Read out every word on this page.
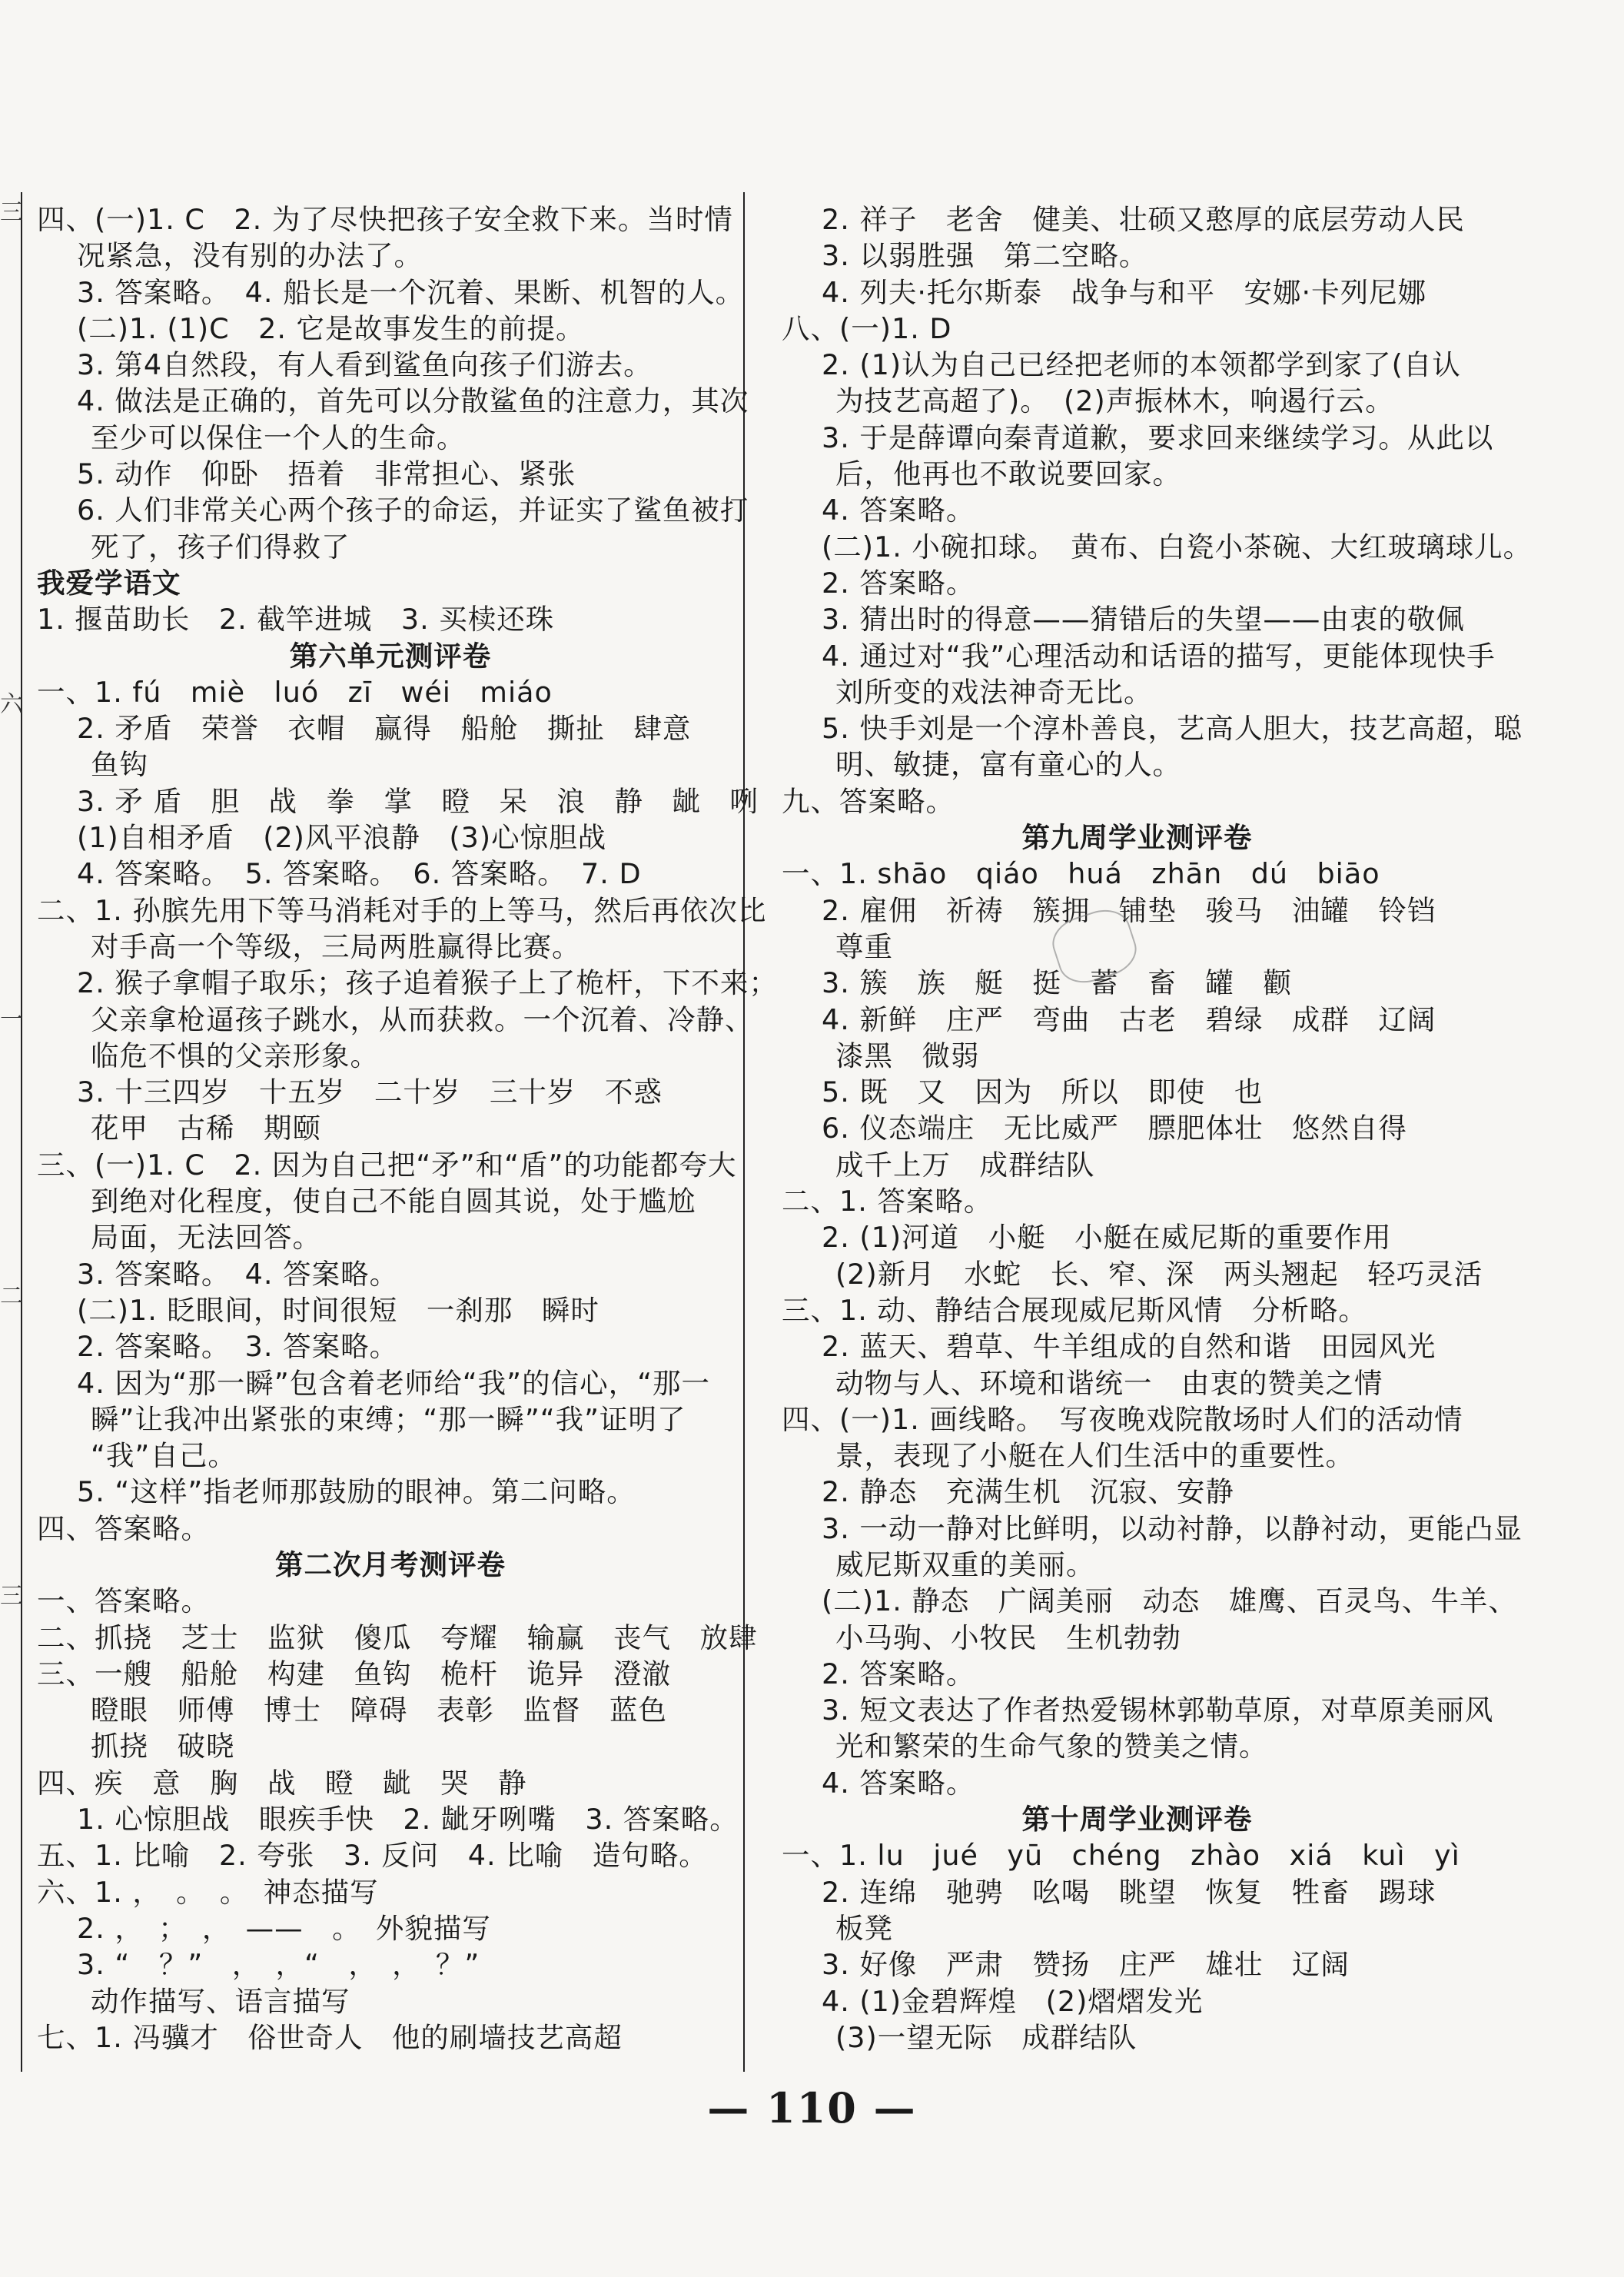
三
六
一
二
三
四、(一)1. C　2. 为了尽快把孩子安全救下来。当时情
况紧急，没有别的办法了。
3. 答案略。　4. 船长是一个沉着、果断、机智的人。
(二)1. (1)C　2. 它是故事发生的前提。
3. 第4自然段，有人看到鲨鱼向孩子们游去。
4. 做法是正确的，首先可以分散鲨鱼的注意力，其次
至少可以保住一个人的生命。
5. 动作　仰卧　捂着　非常担心、紧张
6. 人们非常关心两个孩子的命运，并证实了鲨鱼被打
死了，孩子们得救了
我爱学语文
1. 揠苗助长　2. 截竿进城　3. 买椟还珠
第六单元测评卷
一、1. fú　miè　luó　zī　wéi　miáo
2. 矛盾　荣誉　衣帽　赢得　船舱　撕扯　肆意
鱼钩
3. 矛 盾　胆　战　拳　掌　瞪　呆　浪　静　龇　咧
(1)自相矛盾　(2)风平浪静　(3)心惊胆战
4. 答案略。　5. 答案略。　6. 答案略。　7. D
二、1. 孙膑先用下等马消耗对手的上等马，然后再依次比
对手高一个等级，三局两胜赢得比赛。
2. 猴子拿帽子取乐；孩子追着猴子上了桅杆，下不来；
父亲拿枪逼孩子跳水，从而获救。一个沉着、冷静、
临危不惧的父亲形象。
3. 十三四岁　十五岁　二十岁　三十岁　不惑
花甲　古稀　期颐
三、(一)1. C　2. 因为自己把“矛”和“盾”的功能都夸大
到绝对化程度，使自己不能自圆其说，处于尴尬
局面，无法回答。
3. 答案略。　4. 答案略。
(二)1. 眨眼间，时间很短　一刹那　瞬时
2. 答案略。　3. 答案略。
4. 因为“那一瞬”包含着老师给“我”的信心，“那一
瞬”让我冲出紧张的束缚；“那一瞬”“我”证明了
“我”自己。
5. “这样”指老师那鼓励的眼神。第二问略。
四、答案略。
第二次月考测评卷
一、答案略。
二、抓挠　芝士　监狱　傻瓜　夸耀　输赢　丧气　放肆
三、一艘　船舱　构建　鱼钩　桅杆　诡异　澄澈
瞪眼　师傅　博士　障碍　表彰　监督　蓝色
抓挠　破晓
四、疾　意　胸　战　瞪　龇　哭　静
1. 心惊胆战　眼疾手快　2. 龇牙咧嘴　3. 答案略。
五、1. 比喻　2. 夸张　3. 反问　4. 比喻　造句略。
六、1. ，　。　。　神态描写
2. ，　；　，　——　。　外貌描写
3. “　？”　，　，“　，　，　？”
动作描写、语言描写
七、1. 冯骥才　俗世奇人　他的刷墙技艺高超
2. 祥子　老舍　健美、壮硕又憨厚的底层劳动人民
3. 以弱胜强　第二空略。
4. 列夫·托尔斯泰　战争与和平　安娜·卡列尼娜
八、(一)1. D
2. (1)认为自己已经把老师的本领都学到家了(自认
为技艺高超了)。　(2)声振林木，响遏行云。
3. 于是薛谭向秦青道歉，要求回来继续学习。从此以
后，他再也不敢说要回家。
4. 答案略。
(二)1. 小碗扣球。　黄布、白瓷小茶碗、大红玻璃球儿。
2. 答案略。
3. 猜出时的得意——猜错后的失望——由衷的敬佩
4. 通过对“我”心理活动和话语的描写，更能体现快手
刘所变的戏法神奇无比。
5. 快手刘是一个淳朴善良，艺高人胆大，技艺高超，聪
明、敏捷，富有童心的人。
九、答案略。
第九周学业测评卷
一、1. shāo　qiáo　huá　zhān　dú　biāo
2. 雇佣　祈祷　簇拥　铺垫　骏马　油罐　铃铛
尊重
3. 簇　族　艇　挺　蓄　畜　罐　颧
4. 新鲜　庄严　弯曲　古老　碧绿　成群　辽阔
漆黑　微弱
5. 既　又　因为　所以　即使　也
6. 仪态端庄　无比威严　膘肥体壮　悠然自得
成千上万　成群结队
二、1. 答案略。
2. (1)河道　小艇　小艇在威尼斯的重要作用
(2)新月　水蛇　长、窄、深　两头翘起　轻巧灵活
三、1. 动、静结合展现威尼斯风情　分析略。
2. 蓝天、碧草、牛羊组成的自然和谐　田园风光
动物与人、环境和谐统一　由衷的赞美之情
四、(一)1. 画线略。　写夜晚戏院散场时人们的活动情
景，表现了小艇在人们生活中的重要性。
2. 静态　充满生机　沉寂、安静
3. 一动一静对比鲜明，以动衬静，以静衬动，更能凸显
威尼斯双重的美丽。
(二)1. 静态　广阔美丽　动态　雄鹰、百灵鸟、牛羊、
小马驹、小牧民　生机勃勃
2. 答案略。
3. 短文表达了作者热爱锡林郭勒草原，对草原美丽风
光和繁荣的生命气象的赞美之情。
4. 答案略。
第十周学业测评卷
一、1. lu　jué　yū　chéng　zhào　xiá　kuì　yì
2. 连绵　驰骋　吆喝　眺望　恢复　牲畜　踢球
板凳
3. 好像　严肃　赞扬　庄严　雄壮　辽阔
4. (1)金碧辉煌　(2)熠熠发光
(3)一望无际　成群结队
— 110 —
